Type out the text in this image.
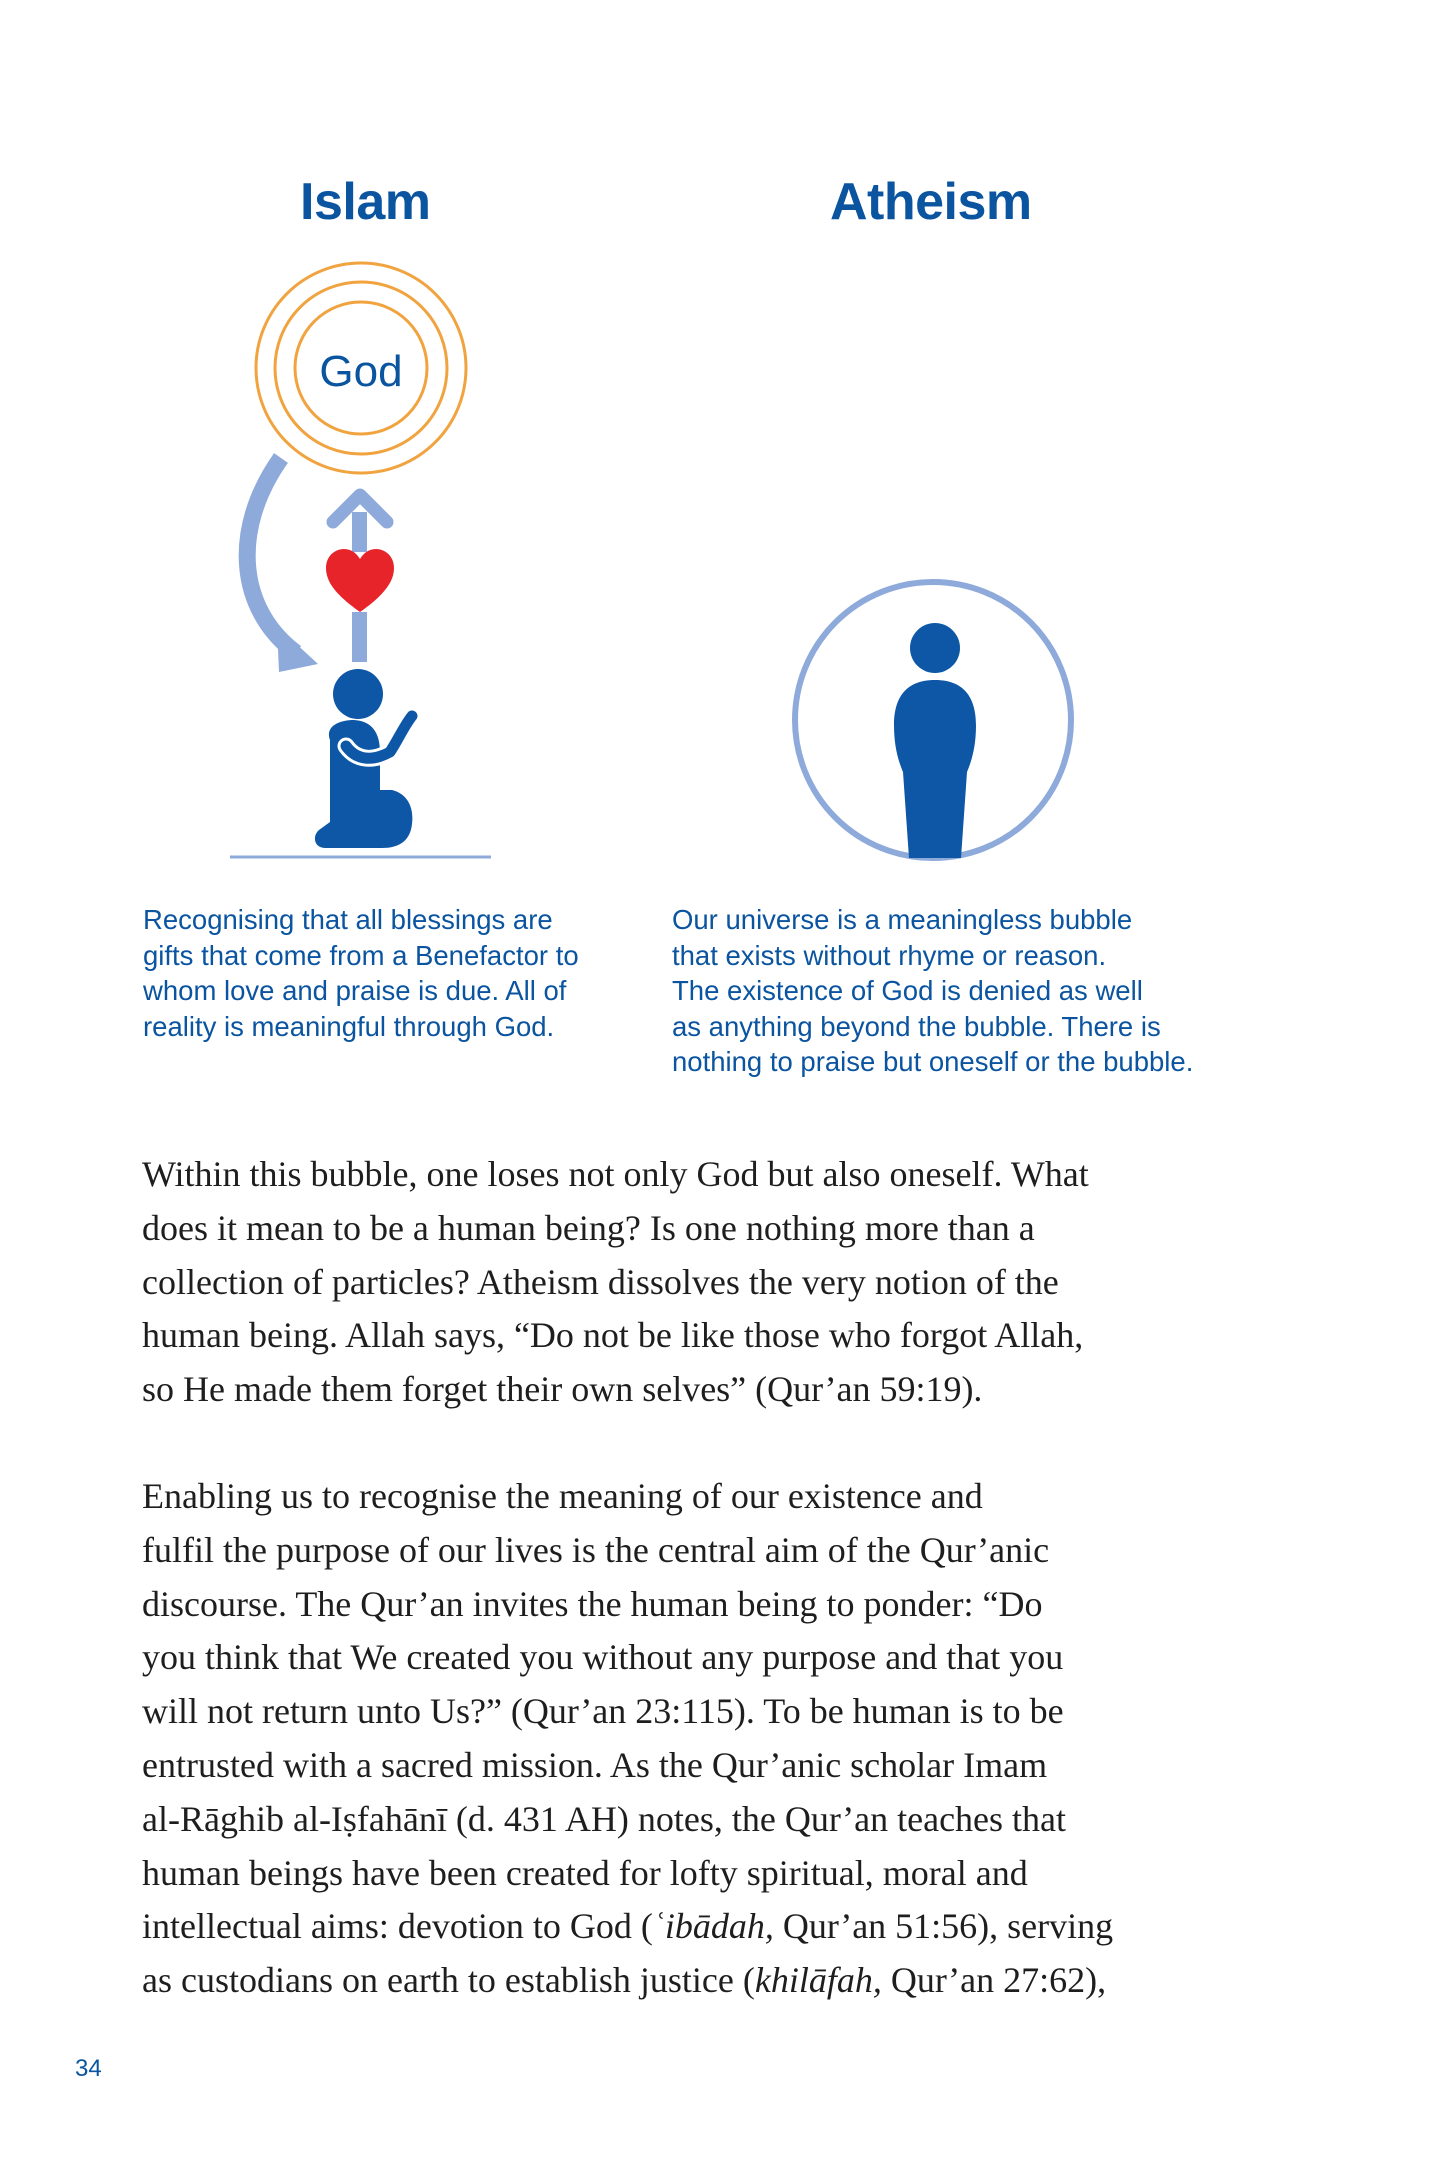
Islam	Atheism
God
Recognising that all blessings are
gifts that come from a Benefactor to
whom love and praise is due. All of
reality is meaningful through God.
Our universe is a meaningless bubble
that exists without rhyme or reason.
The existence of God is denied as well
as anything beyond the bubble. There is
nothing to praise but oneself or the bubble.
Within this bubble, one loses not only God but also oneself. What
does it mean to be a human being? Is one nothing more than a
collection of particles? Atheism dissolves the very notion of the
human being. Allah says, “Do not be like those who forgot Allah,
so He made them forget their own selves” (Qur’an 59:19).
Enabling us to recognise the meaning of our existence and
fulfil the purpose of our lives is the central aim of the Qur’anic
discourse. The Qur’an invites the human being to ponder: “Do
you think that We created you without any purpose and that you
will not return unto Us?” (Qur’an 23:115). To be human is to be
entrusted with a sacred mission. As the Qur’anic scholar Imam
al-Rāghib al-Iṣfahānī (d. 431 AH) notes, the Qur’an teaches that
human beings have been created for lofty spiritual, moral and
intellectual aims: devotion to God (ʿibādah, Qur’an 51:56), serving
as custodians on earth to establish justice (khilāfah, Qur’an 27:62),
34
